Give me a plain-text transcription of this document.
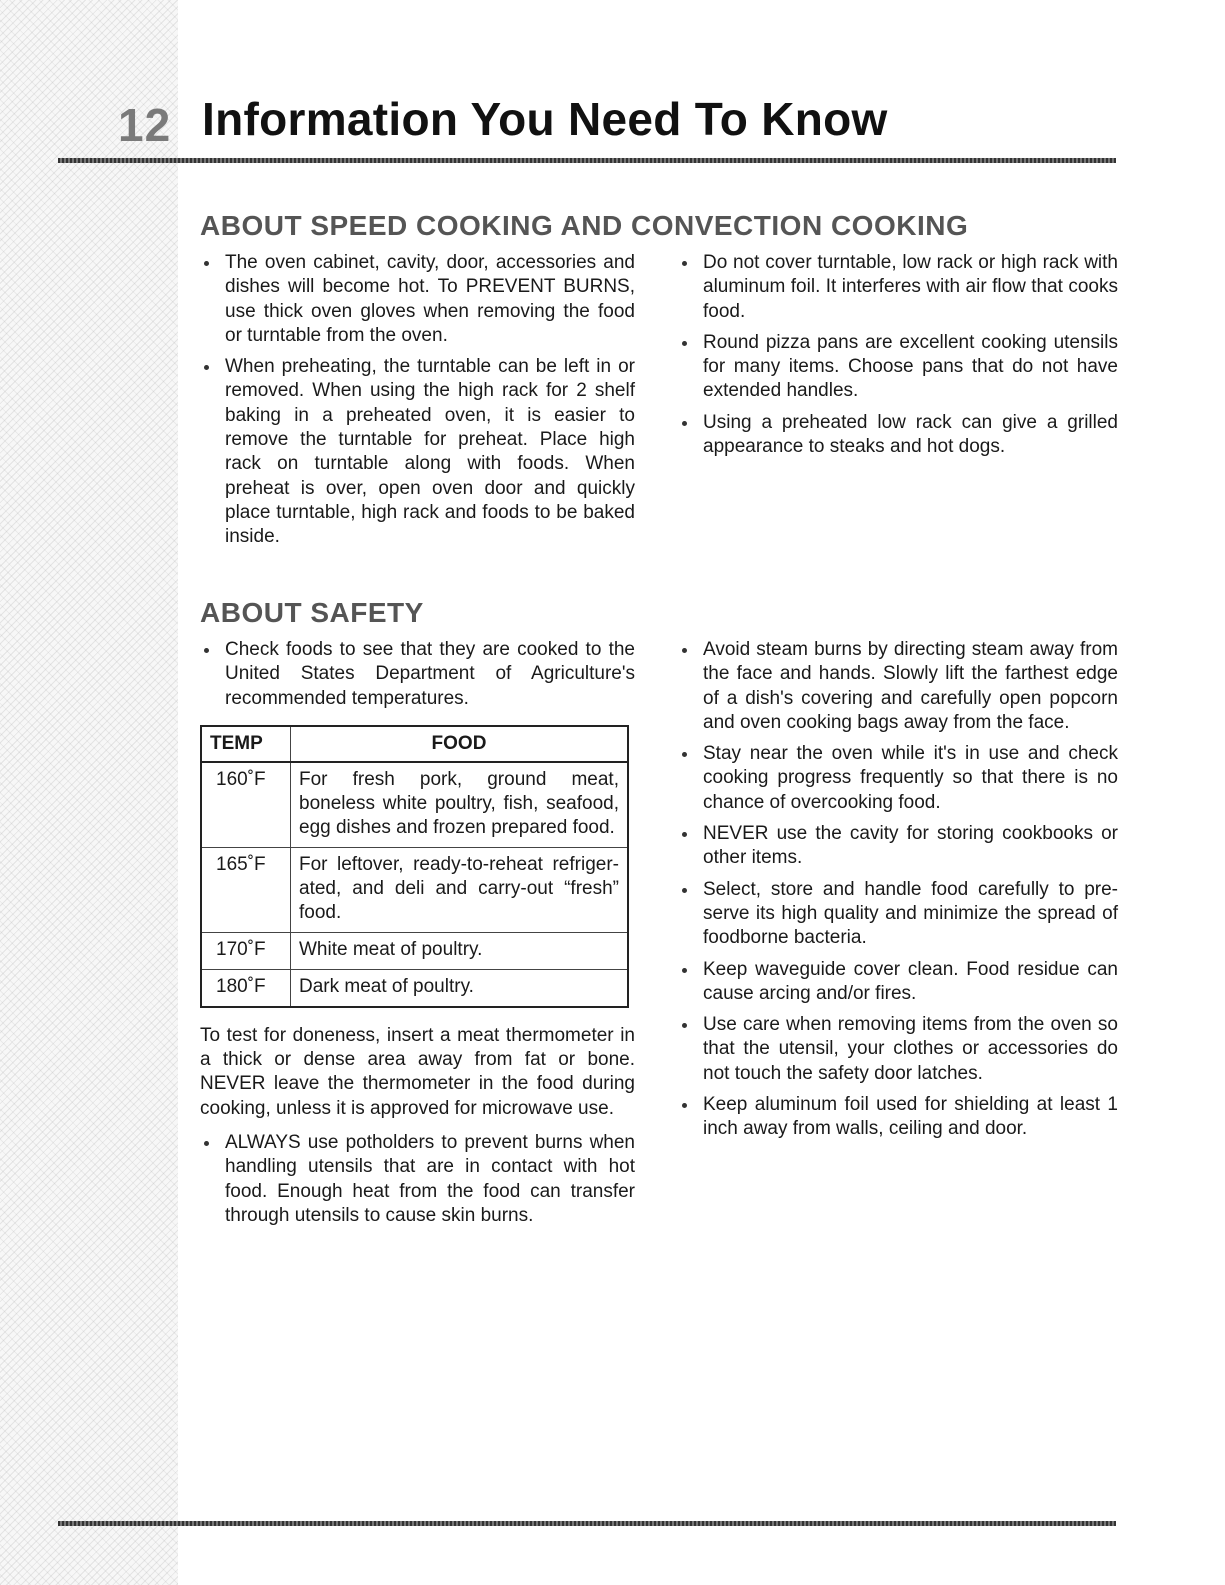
12 Information You Need To Know
ABOUT SPEED COOKING AND CONVECTION COOKING
The oven cabinet, cavity, door, accessories and dishes will become hot. To PREVENT BURNS, use thick oven gloves when removing the food or turntable from the oven.
When preheating, the turntable can be left in or removed. When using the high rack for 2 shelf baking in a preheated oven, it is easier to remove the turntable for preheat. Place high rack on turntable along with foods. When preheat is over, open oven door and quickly place turntable, high rack and foods to be baked inside.
Do not cover turntable, low rack or high rack with aluminum foil. It interferes with air flow that cooks food.
Round pizza pans are excellent cooking utensils for many items. Choose pans that do not have extended handles.
Using a preheated low rack can give a grilled appearance to steaks and hot dogs.
ABOUT SAFETY
Check foods to see that they are cooked to the United States Department of Agriculture's recommended temperatures.
TEMP	FOOD
160˚F	For fresh pork, ground meat, boneless white poultry, fish, seafood, egg dishes and frozen prepared food.
165˚F	For leftover, ready-to-reheat refriger-ated, and deli and carry-out “fresh” food.
170˚F	White meat of poultry.
180˚F	Dark meat of poultry.

To test for doneness, insert a meat thermometer in a thick or dense area away from fat or bone. NEVER leave the thermometer in the food during cooking, unless it is approved for microwave use.

ALWAYS use potholders to prevent burns when handling utensils that are in contact with hot food. Enough heat from the food can transfer through utensils to cause skin burns.
Avoid steam burns by directing steam away from the face and hands. Slowly lift the farthest edge of a dish's covering and carefully open popcorn and oven cooking bags away from the face.
Stay near the oven while it's in use and check cooking progress frequently so that there is no chance of overcooking food.
NEVER use the cavity for storing cookbooks or other items.
Select, store and handle food carefully to pre-serve its high quality and minimize the spread of foodborne bacteria.
Keep waveguide cover clean. Food residue can cause arcing and/or fires.
Use care when removing items from the oven so that the utensil, your clothes or accessories do not touch the safety door latches.
Keep aluminum foil used for shielding at least 1 inch away from walls, ceiling and door.
